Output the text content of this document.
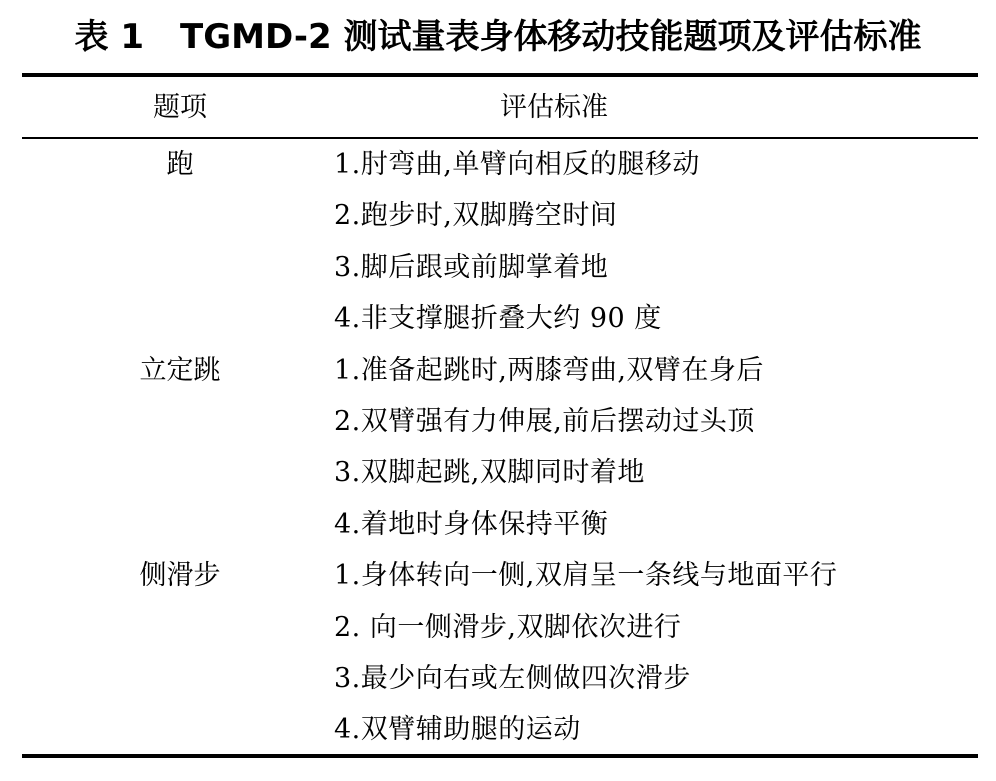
表 1 TGMD-2 测试量表身体移动技能题项及评估标准
题项	评估标准
跑	1.肘弯曲,单臂向相反的腿移动
2.跑步时,双脚腾空时间
3.脚后跟或前脚掌着地
4.非支撑腿折叠大约 90 度
立定跳	1.准备起跳时,两膝弯曲,双臂在身后
2.双臂强有力伸展,前后摆动过头顶
3.双脚起跳,双脚同时着地
4.着地时身体保持平衡
侧滑步	1.身体转向一侧,双肩呈一条线与地面平行
2. 向一侧滑步,双脚依次进行
3.最少向右或左侧做四次滑步
4.双臂辅助腿的运动
